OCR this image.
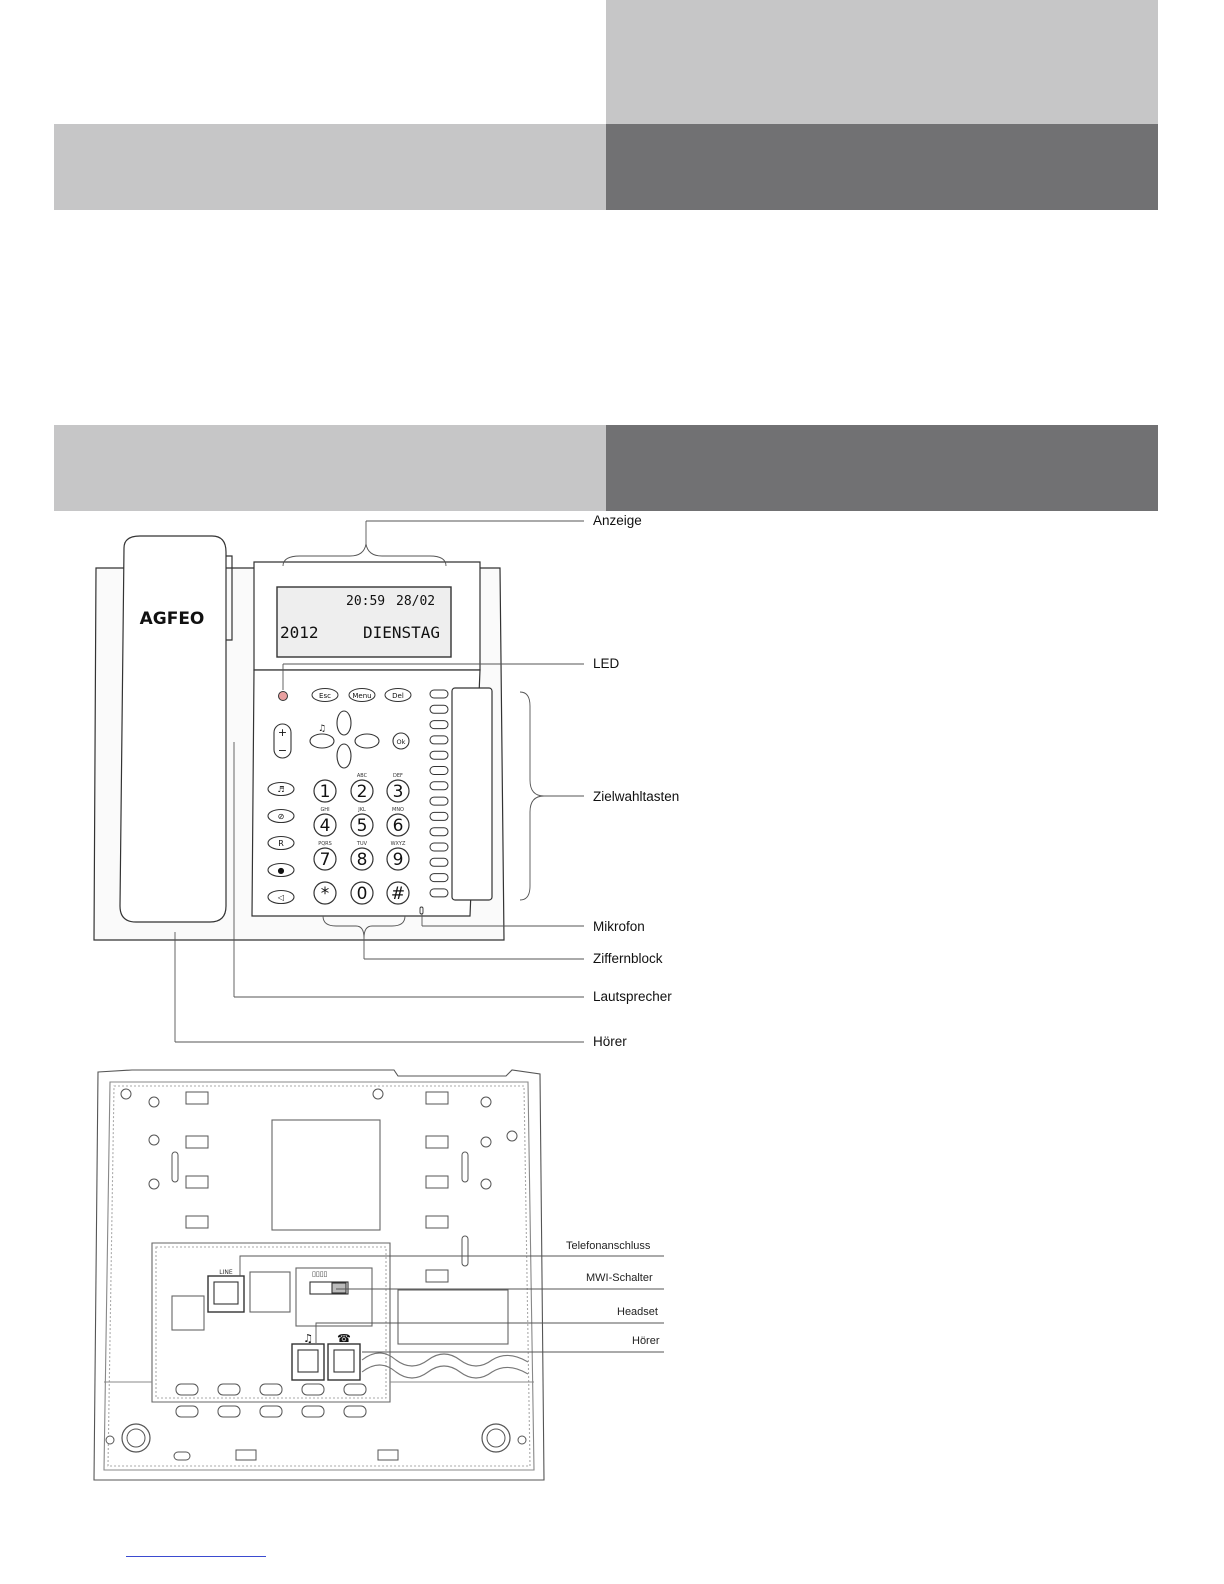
AGFEO
20:59 28/02
2012	DIENSTAG
Esc	Menu	Del
Ok
♫
+
−
♬
⊘
R
●
◁
1 2
ABC
3
DEF
4
GHI
5
JKL
6
MNO
7
PQRS
8
TUV
9
WXYZ
* 0 #
Anzeige
LED
Zielwahltasten
Mikrofon
Ziffernblock
Lautsprecher
Hörer
LINE
♫ ☎
▯▯▯▯
Telefonanschluss
MWI-Schalter
Headset
Hörer
